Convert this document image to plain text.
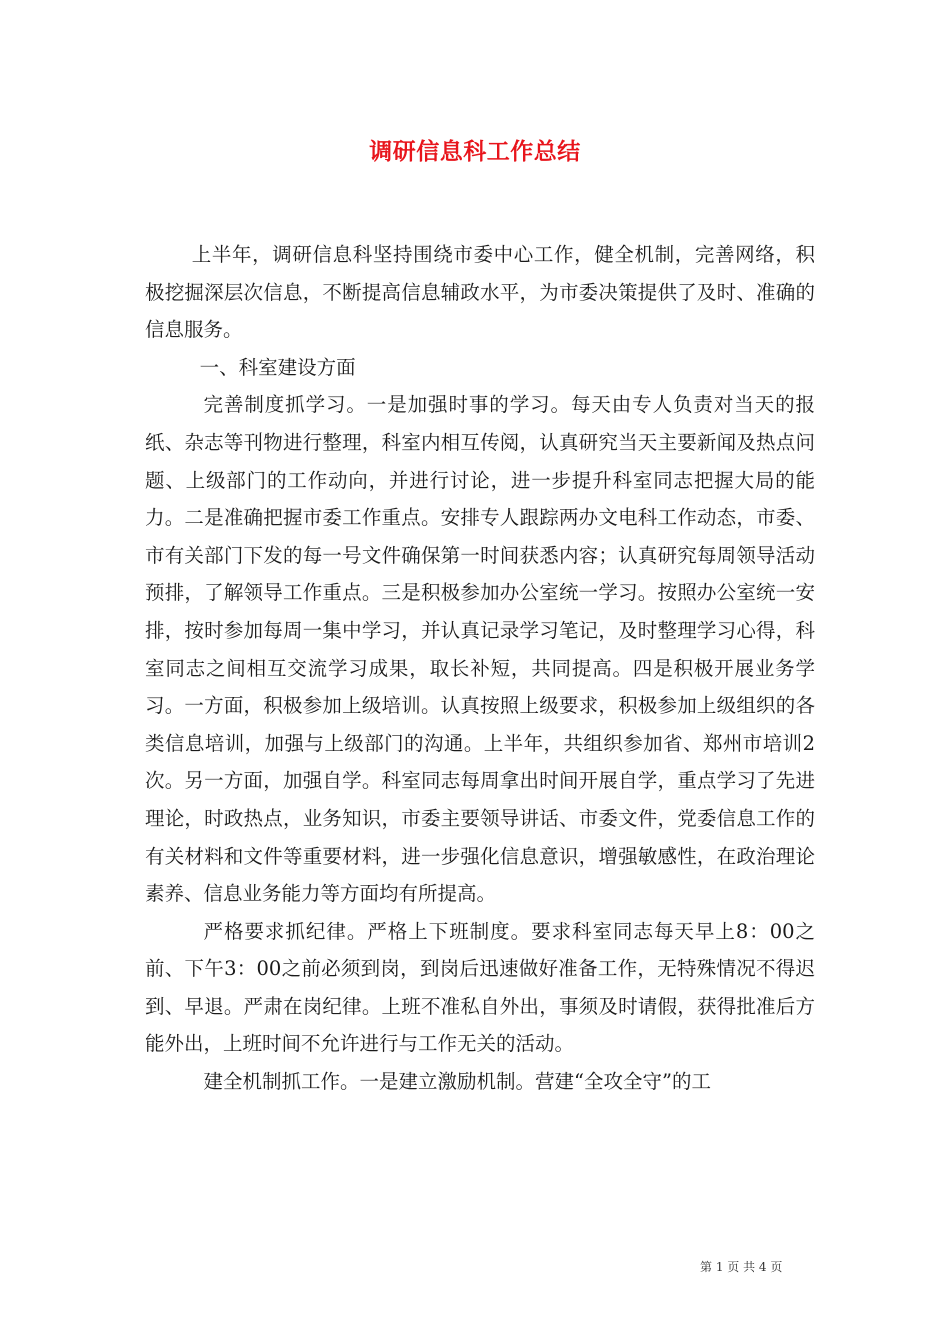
调研信息科工作总结

上半年，调研信息科坚持围绕市委中心工作，健全机制，完善网络，积极挖掘深层次信息，不断提高信息辅政水平，为市委决策提供了及时、准确的信息服务。

一、科室建设方面

完善制度抓学习。一是加强时事的学习。每天由专人负责对当天的报纸、杂志等刊物进行整理，科室内相互传阅，认真研究当天主要新闻及热点问题、上级部门的工作动向，并进行讨论，进一步提升科室同志把握大局的能力。二是准确把握市委工作重点。安排专人跟踪两办文电科工作动态，市委、市有关部门下发的每一号文件确保第一时间获悉内容；认真研究每周领导活动预排，了解领导工作重点。三是积极参加办公室统一学习。按照办公室统一安排，按时参加每周一集中学习，并认真记录学习笔记，及时整理学习心得，科室同志之间相互交流学习成果，取长补短，共同提高。四是积极开展业务学习。一方面，积极参加上级培训。认真按照上级要求，积极参加上级组织的各类信息培训，加强与上级部门的沟通。上半年，共组织参加省、郑州市培训2次。另一方面，加强自学。科室同志每周拿出时间开展自学，重点学习了先进理论，时政热点，业务知识，市委主要领导讲话、市委文件，党委信息工作的有关材料和文件等重要材料，进一步强化信息意识，增强敏感性，在政治理论素养、信息业务能力等方面均有所提高。

严格要求抓纪律。严格上下班制度。要求科室同志每天早上8：00之前、下午3：00之前必须到岗，到岗后迅速做好准备工作，无特殊情况不得迟到、早退。严肃在岗纪律。上班不准私自外出，事须及时请假，获得批准后方能外出，上班时间不允许进行与工作无关的活动。

建全机制抓工作。一是建立激励机制。营建“全攻全守”的工

第 1 页 共 4 页
